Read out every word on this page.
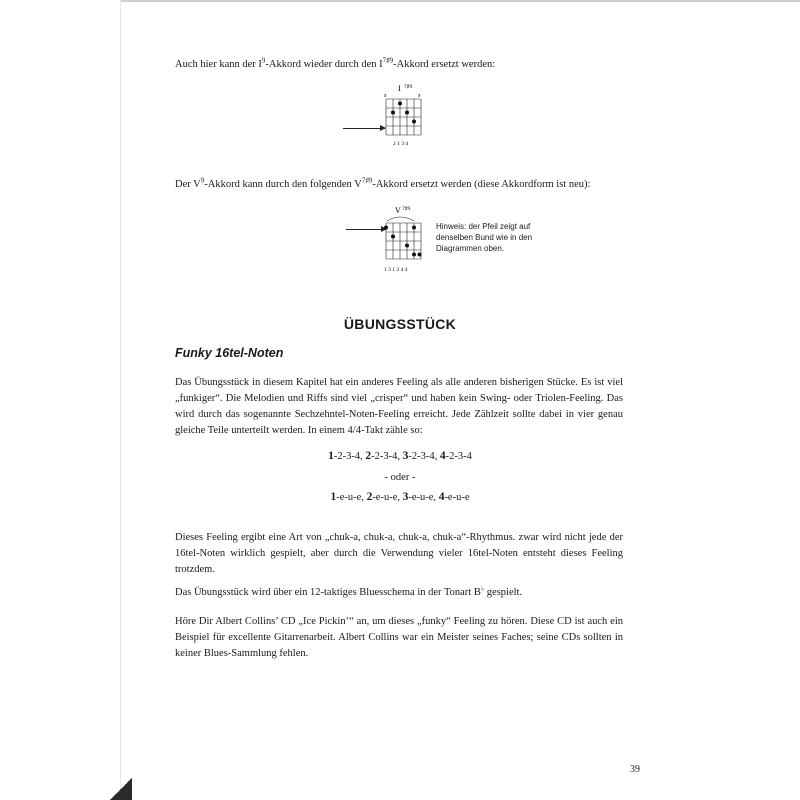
Auch hier kann der $I^9$-Akkord wieder durch den $I^{7♯9}$-Akkord ersetzt werden:
I 7♯9
x	x
2 1 3 4
Der $V^9$-Akkord kann durch den folgenden $V^{7♯9}$-Akkord ersetzt werden (diese Akkordform ist neu):
V 7♯9
1 3 1 2 4 4
Hinweis: der Pfeil zeigt auf denselben Bund wie in den Diagrammen oben.
ÜBUNGSSTÜCK
Funky 16tel-Noten
Das Übungsstück in diesem Kapitel hat ein anderes Feeling als alle anderen bisherigen Stücke. Es ist viel „funkiger“. Die Melodien und Riffs sind viel „crisper“ und haben kein Swing- oder Triolen-Feeling. Das wird durch das sogenannte Sechzehntel-Noten-Feeling erreicht. Jede Zählzeit sollte dabei in vier genau gleiche Teile unterteilt werden. In einem 4/4-Takt zähle so:
1-2-3-4, 2-2-3-4, 3-2-3-4, 4-2-3-4
- oder -
1-e-u-e, 2-e-u-e, 3-e-u-e, 4-e-u-e
Dieses Feeling ergibt eine Art von „chuk-a, chuk-a, chuk-a, chuk-a“-Rhythmus. zwar wird nicht jede der 16tel-Noten wirklich gespielt, aber durch die Verwendung vieler 16tel-Noten entsteht dieses Feeling trotzdem.
Das Übungsstück wird über ein 12-taktiges Bluesschema in der Tonart B♭ gespielt.
Höre Dir Albert Collins’ CD „Ice Pickin’“ an, um dieses „funky“ Feeling zu hören. Diese CD ist auch ein Beispiel für excellente Gitarrenarbeit. Albert Collins war ein Meister seines Faches; seine CDs sollten in keiner Blues-Sammlung fehlen.
39
